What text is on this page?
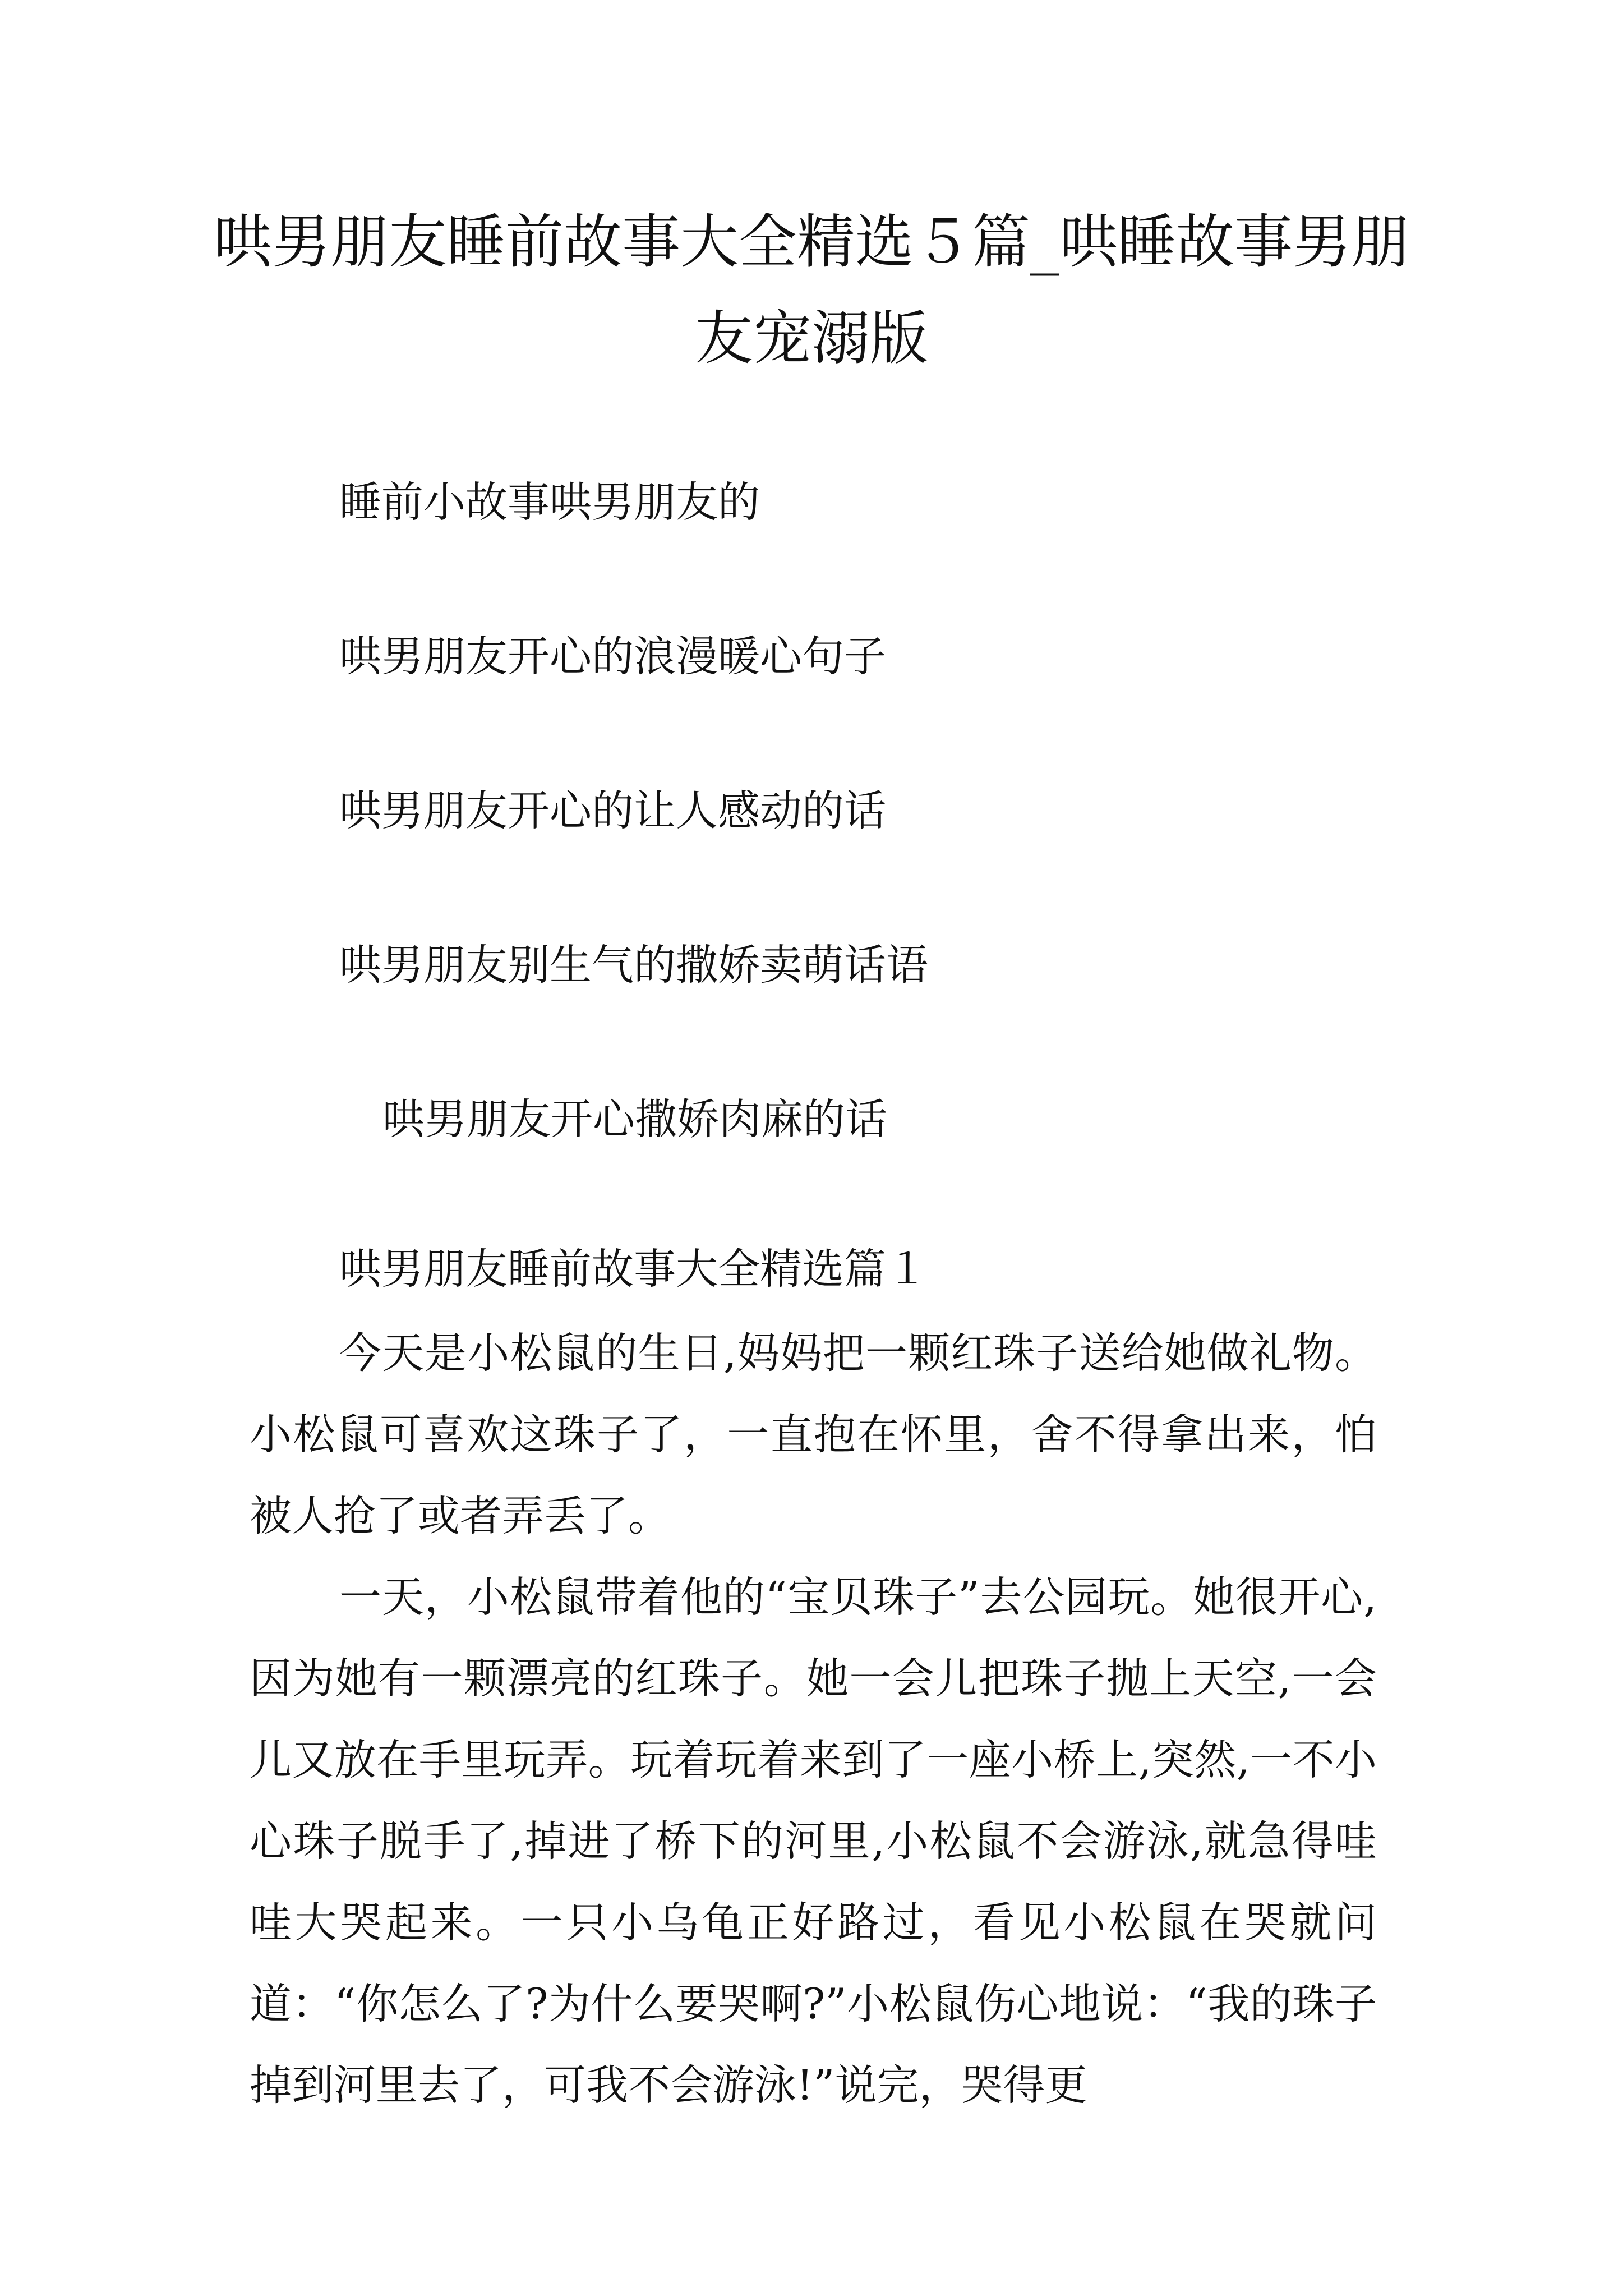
哄男朋友睡前故事大全精选５篇_哄睡故事男朋友宠溺版

睡前小故事哄男朋友的

哄男朋友开心的浪漫暖心句子

哄男朋友开心的让人感动的话

哄男朋友别生气的撒娇卖萌话语

哄男朋友开心撒娇肉麻的话

哄男朋友睡前故事大全精选篇１

今天是小松鼠的生日,妈妈把一颗红珠子送给她做礼物。小松鼠可喜欢这珠子了，一直抱在怀里，舍不得拿出来，怕被人抢了或者弄丢了。

一天，小松鼠带着他的“宝贝珠子”去公园玩。她很开心,因为她有一颗漂亮的红珠子。她一会儿把珠子抛上天空,一会儿又放在手里玩弄。玩着玩着来到了一座小桥上,突然,一不小心珠子脱手了,掉进了桥下的河里,小松鼠不会游泳,就急得哇哇大哭起来。一只小乌龟正好路过，看见小松鼠在哭就问道：“你怎么了?为什么要哭啊?”小松鼠伤心地说：“我的珠子掉到河里去了，可我不会游泳!”说完，哭得更
